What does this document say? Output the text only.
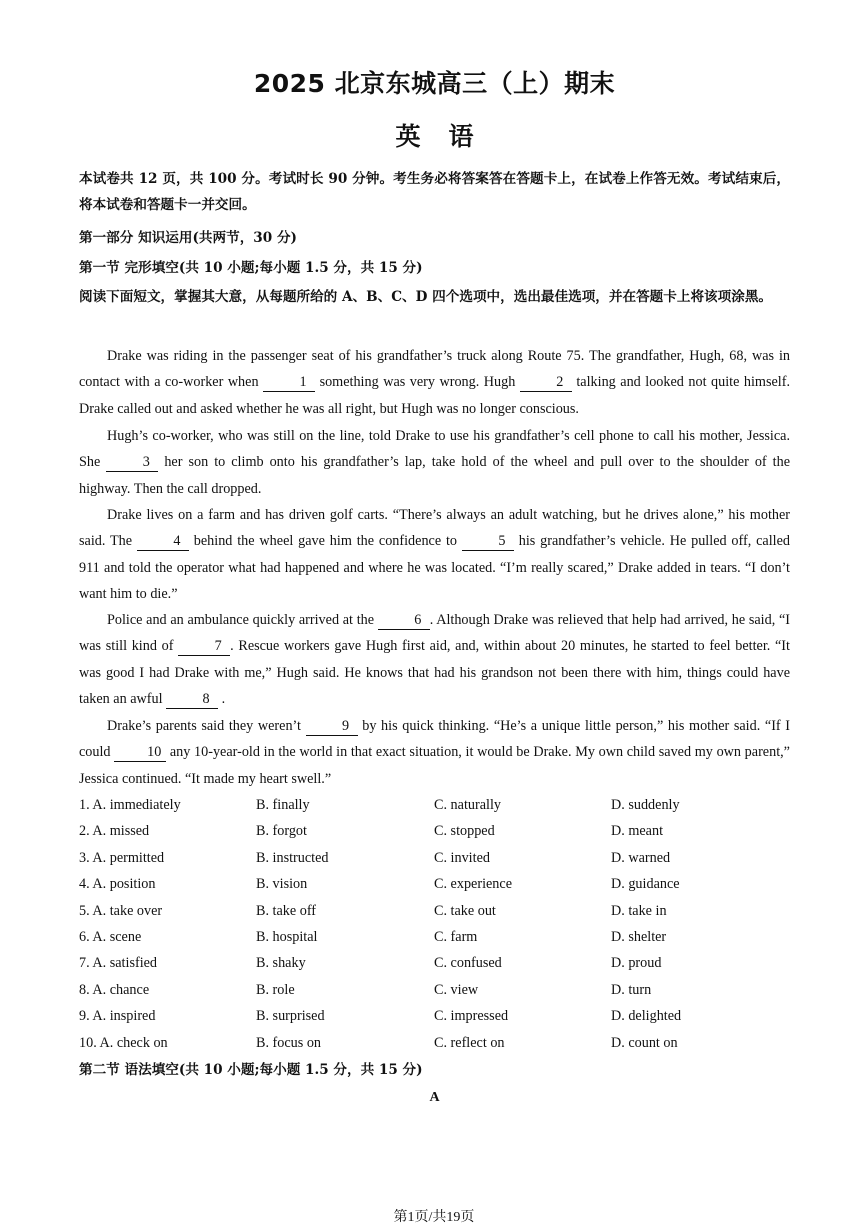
2025 北京东城高三（上）期末
英语
本试卷共 12 页，共 100 分。考试时长 90 分钟。考生务必将答案答在答题卡上，在试卷上作答无效。考试结束后，将本试卷和答题卡一并交回。
第一部分 知识运用(共两节，30 分)
第一节 完形填空(共 10 小题;每小题 1.5 分，共 15 分)
阅读下面短文，掌握其大意，从每题所给的 A、B、C、D 四个选项中，选出最佳选项，并在答题卡上将该项涂黑。
Drake was riding in the passenger seat of his grandfather’s truck along Route 75. The grandfather, Hugh, 68, was in contact with a co-worker when	1 something was very wrong. Hugh	2 talking and looked not quite himself. Drake called out and asked whether he was all right, but Hugh was no longer conscious.
Hugh’s co-worker, who was still on the line, told Drake to use his grandfather’s cell phone to call his mother, Jessica. She	3 her son to climb onto his grandfather’s lap, take hold of the wheel and pull over to the shoulder of the highway. Then the call dropped.
Drake lives on a farm and has driven golf carts. “There’s always an adult watching, but he drives alone,” his mother said. The	4 behind the wheel gave him the confidence to	5 his grandfather’s vehicle. He pulled off, called 911 and told the operator what had happened and where he was located. “I’m really scared,” Drake added in tears. “I don’t want him to die.”
Police and an ambulance quickly arrived at the	6 . Although Drake was relieved that help had arrived, he said, “I was still kind of	7 . Rescue workers gave Hugh first aid, and, within about 20 minutes, he started to feel better. “It was good I had Drake with me,” Hugh said. He knows that had his grandson not been there with him, things could have taken an awful	8 .
Drake’s parents said they weren’t	9 by his quick thinking. “He’s a unique little person,” his mother said. “If I could 10 any 10-year-old in the world in that exact situation, it would be Drake. My own child saved my own parent,” Jessica continued. “It made my heart swell.”
1. A. immediately	B. finally	C. naturally	D. suddenly
2. A. missed	B. forgot	C. stopped	D. meant
3. A. permitted	B. instructed	C. invited	D. warned
4. A. position	B. vision	C. experience	D. guidance
5. A. take over	B. take off	C. take out	D. take in
6. A. scene	B. hospital	C. farm	D. shelter
7. A. satisfied	B. shaky	C. confused	D. proud
8. A. chance	B. role	C. view	D. turn
9. A. inspired	B. surprised	C. impressed	D. delighted
10. A. check on	B. focus on	C. reflect on	D. count on
第二节 语法填空(共 10 小题;每小题 1.5 分，共 15 分)
A
第1页/共19页
